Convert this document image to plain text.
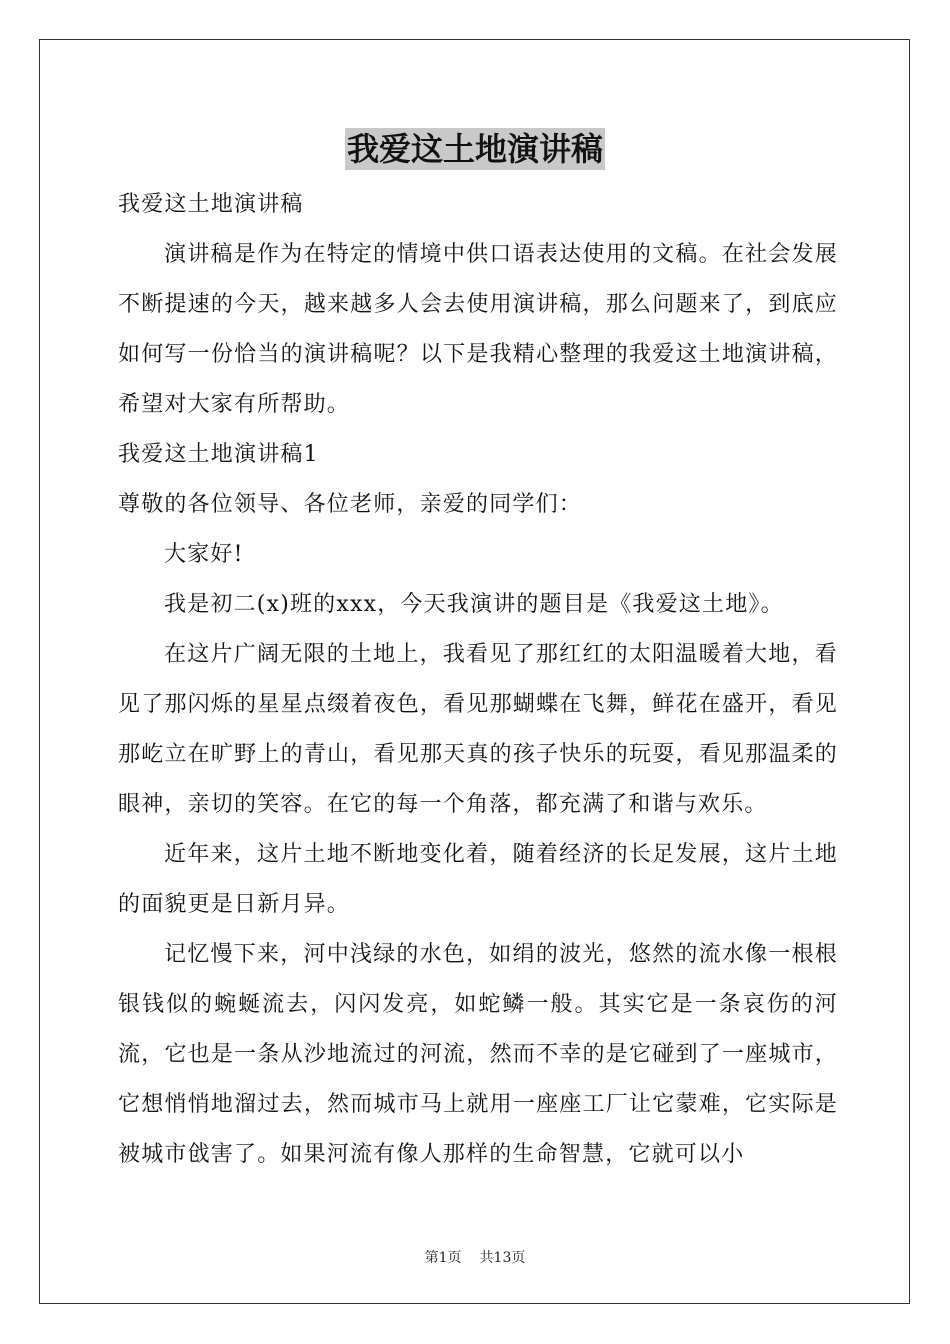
我爱这土地演讲稿

我爱这土地演讲稿

演讲稿是作为在特定的情境中供口语表达使用的文稿。在社会发展不断提速的今天，越来越多人会去使用演讲稿，那么问题来了，到底应如何写一份恰当的演讲稿呢？以下是我精心整理的我爱这土地演讲稿，希望对大家有所帮助。

我爱这土地演讲稿1

尊敬的各位领导、各位老师，亲爱的同学们：

大家好!

我是初二(x)班的xxx，今天我演讲的题目是《我爱这土地》。

在这片广阔无限的土地上，我看见了那红红的太阳温暖着大地，看见了那闪烁的星星点缀着夜色，看见那蝴蝶在飞舞，鲜花在盛开，看见那屹立在旷野上的青山，看见那天真的孩子快乐的玩耍，看见那温柔的眼神，亲切的笑容。在它的每一个角落，都充满了和谐与欢乐。

近年来，这片土地不断地变化着，随着经济的长足发展，这片土地的面貌更是日新月异。

记忆慢下来，河中浅绿的水色，如绢的波光，悠然的流水像一根根银钱似的蜿蜒流去，闪闪发亮，如蛇鳞一般。其实它是一条哀伤的河流，它也是一条从沙地流过的河流，然而不幸的是它碰到了一座城市，它想悄悄地溜过去，然而城市马上就用一座座工厂让它蒙难，它实际是被城市戗害了。如果河流有像人那样的生命智慧，它就可以小

第1页 共13页
